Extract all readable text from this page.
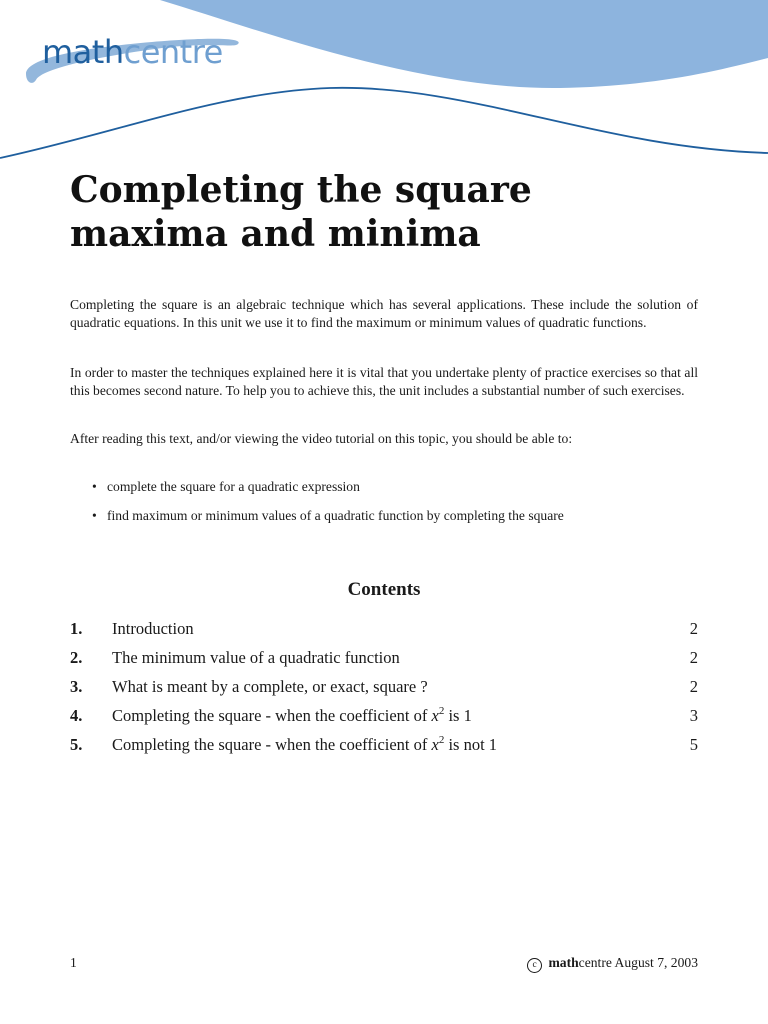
mathcentre
Completing the square
maxima and minima

Completing the square is an algebraic technique which has several applications. These include the solution of quadratic equations. In this unit we use it to find the maximum or minimum values of quadratic functions.

In order to master the techniques explained here it is vital that you undertake plenty of practice exercises so that all this becomes second nature. To help you to achieve this, the unit includes a substantial number of such exercises.

After reading this text, and/or viewing the video tutorial on this topic, you should be able to:

• complete the square for a quadratic expression
• find maximum or minimum values of a quadratic function by completing the square
Contents
1. Introduction	2
2. The minimum value of a quadratic function	2
3. What is meant by a complete, or exact, square ?	2
4. Completing the square - when the coefficient of $x^2$ is 1	3
5. Completing the square - when the coefficient of $x^2$ is not 1	5
1	c mathcentre August 7, 2003
